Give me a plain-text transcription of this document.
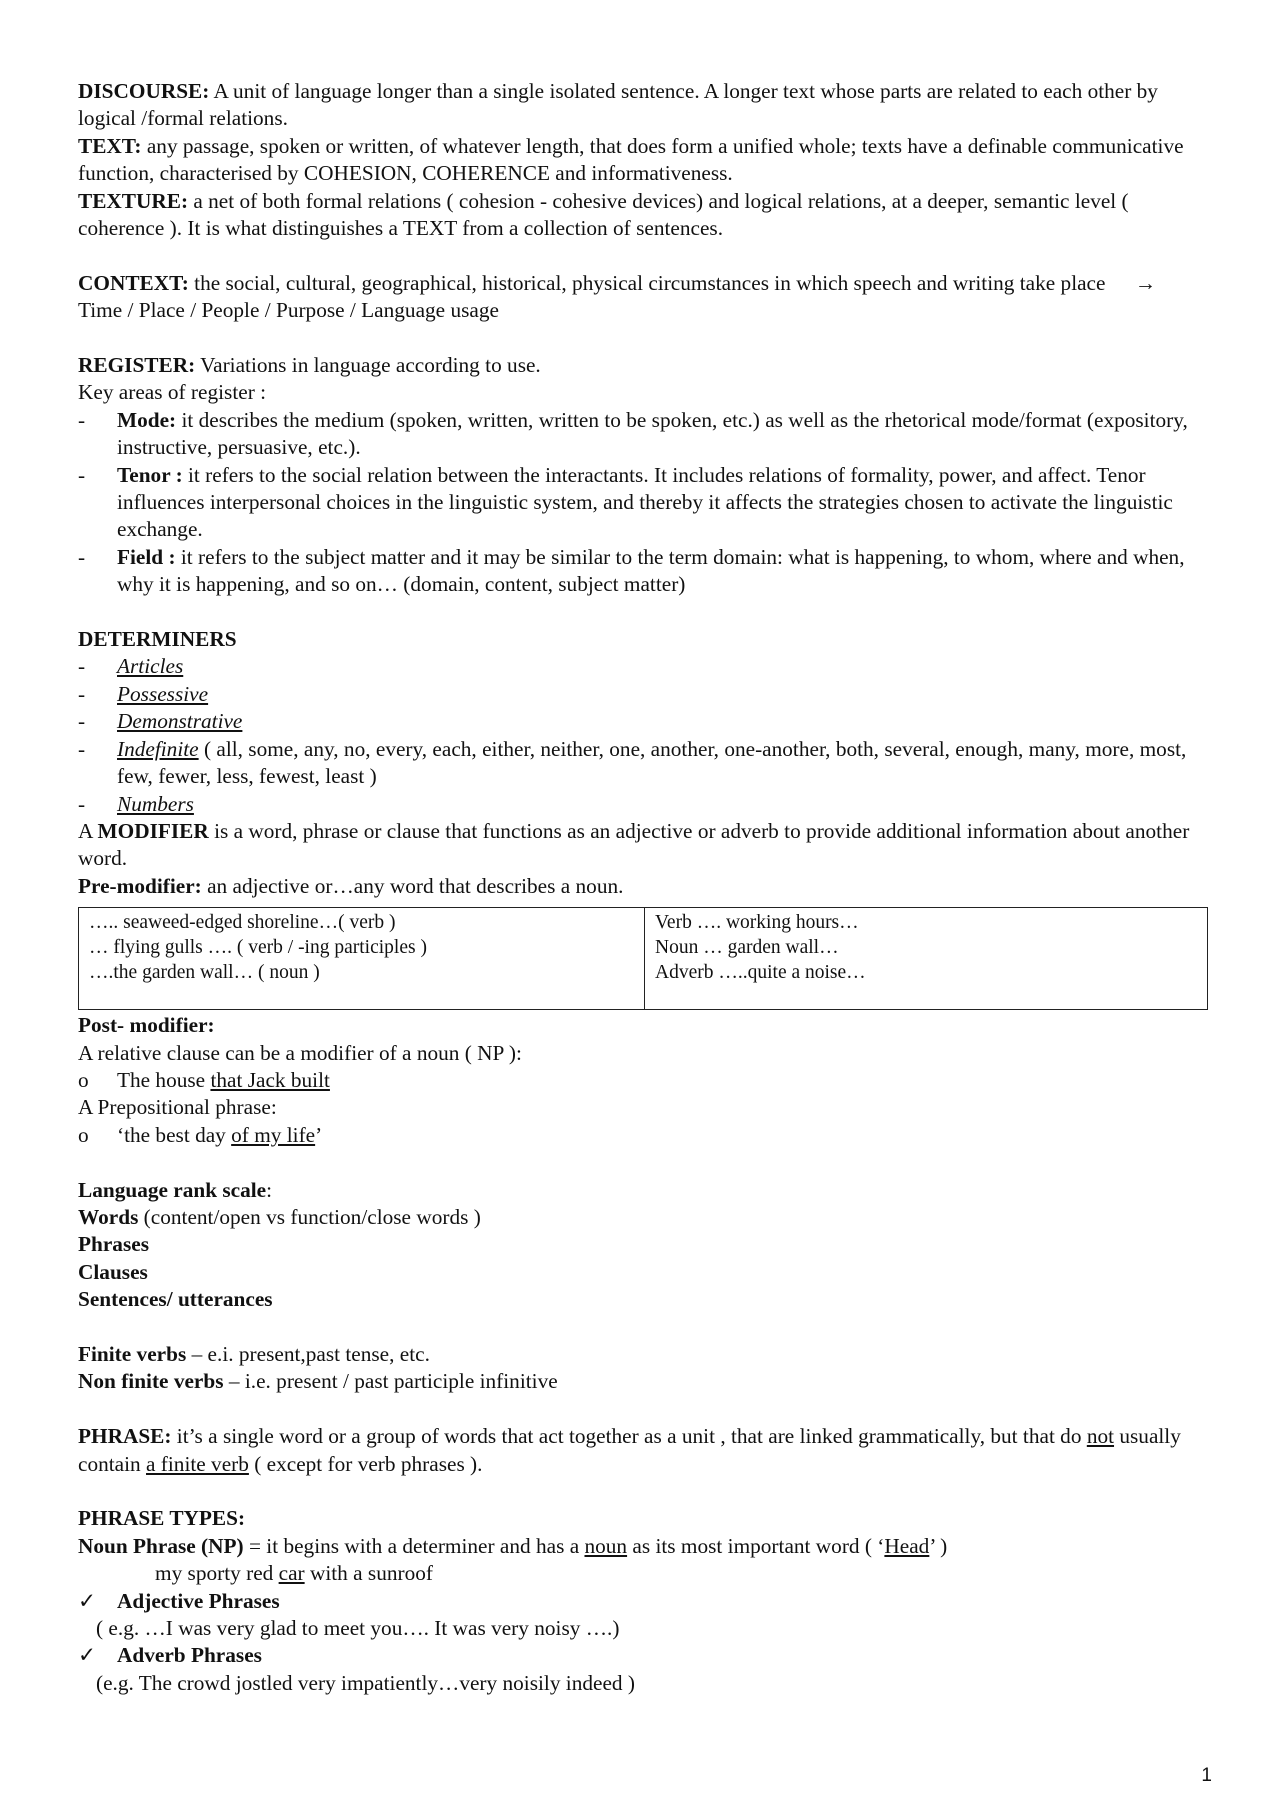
DISCOURSE: A unit of language longer than a single isolated sentence. A longer text whose parts are related to each other by logical /formal relations.

TEXT: any passage, spoken or written, of whatever length, that does form a unified whole; texts have a definable communicative function, characterised by COHESION, COHERENCE and informativeness.

TEXTURE: a net of both formal relations ( cohesion - cohesive devices) and logical relations, at a deeper, semantic level ( coherence ). It is what distinguishes a TEXT from a collection of sentences.

CONTEXT: the social, cultural, geographical, historical, physical circumstances in which speech and writing take place → Time / Place / People / Purpose / Language usage

REGISTER: Variations in language according to use.

Key areas of register :

-	Mode: it describes the medium (spoken, written, written to be spoken, etc.) as well as the rhetorical mode/format (expository, instructive, persuasive, etc.).
-	Tenor : it refers to the social relation between the interactants. It includes relations of formality, power, and affect. Tenor influences interpersonal choices in the linguistic system, and thereby it affects the strategies chosen to activate the linguistic exchange.
-	Field : it refers to the subject matter and it may be similar to the term domain: what is happening, to whom, where and when, why it is happening, and so on… (domain, content, subject matter)

DETERMINERS

-	Articles
-	Possessive
-	Demonstrative
-	Indefinite ( all, some, any, no, every, each, either, neither, one, another, one-another, both, several, enough, many, more, most, few, fewer, less, fewest, least )
-	Numbers

A MODIFIER is a word, phrase or clause that functions as an adjective or adverb to provide additional information about another word.

Pre-modifier: an adjective or…any word that describes a noun.

….. seaweed-edged shoreline…( verb )
… flying gulls …. ( verb / -ing participles )
….the garden wall… ( noun )

Verb …. working hours…
Noun … garden wall…
Adverb …..quite a noise…

Post- modifier:

A relative clause can be a modifier of a noun ( NP ):

o	The house that Jack built

A Prepositional phrase:

o	‘the best day of my life’

Language rank scale:

Words (content/open vs function/close words )

Phrases

Clauses

Sentences/ utterances

Finite verbs – e.i. present,past tense, etc.

Non finite verbs – i.e. present / past participle infinitive

PHRASE: it’s a single word or a group of words that act together as a unit , that are linked grammatically, but that do not usually contain a finite verb ( except for verb phrases ).

PHRASE TYPES:

Noun Phrase (NP) = it begins with a determiner and has a noun as its most important word ( ‘Head’ )

my sporty red car with a sunroof

✓ Adjective Phrases

( e.g. …I was very glad to meet you…. It was very noisy ….)

✓ Adverb Phrases

(e.g. The crowd jostled very impatiently…very noisily indeed )

1
